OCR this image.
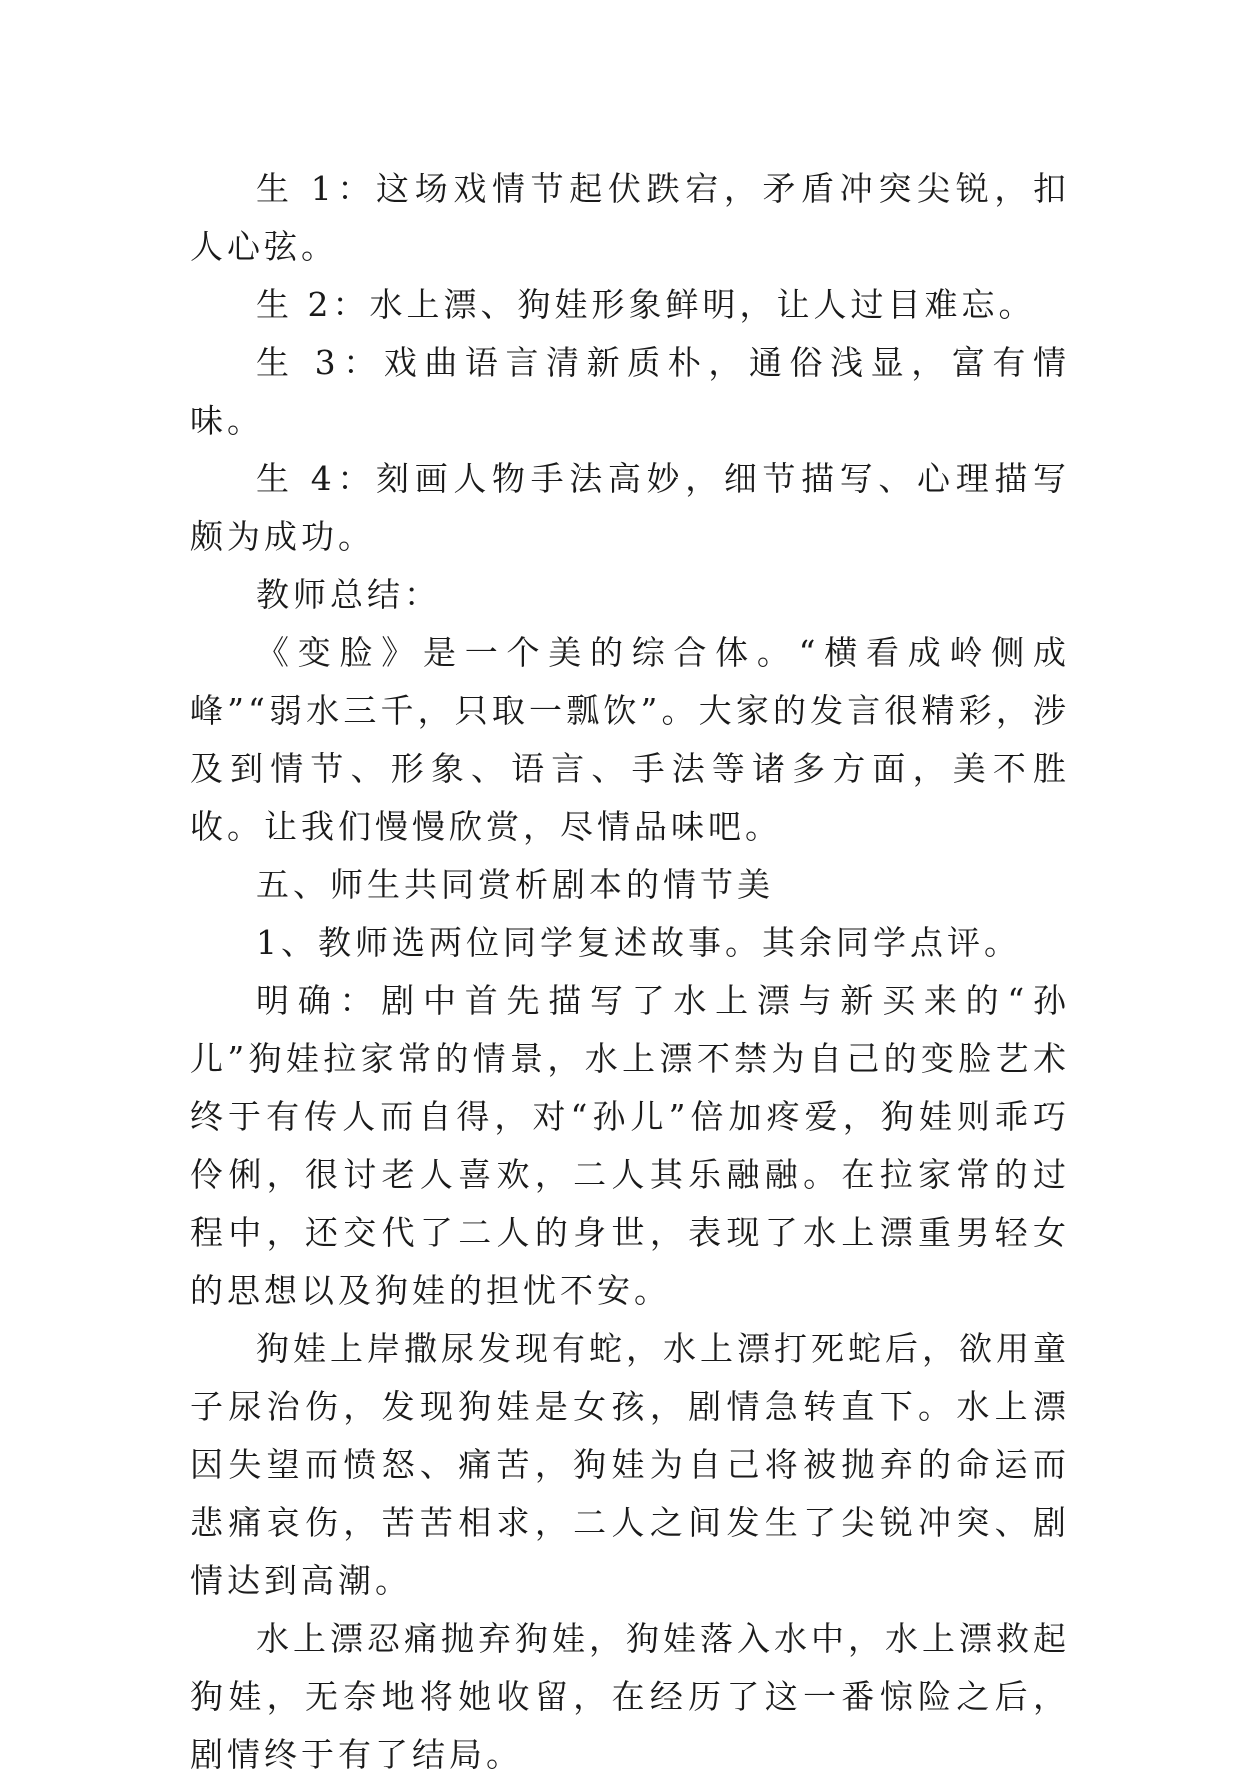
生 1：这场戏情节起伏跌宕，矛盾冲突尖锐，扣人心弦。

生 2：水上漂、狗娃形象鲜明，让人过目难忘。

生 3：戏曲语言清新质朴，通俗浅显，富有情味。

生 4：刻画人物手法高妙，细节描写、心理描写颇为成功。

教师总结：

《变脸》是一个美的综合体。“横看成岭侧成峰”“弱水三千，只取一瓢饮”。大家的发言很精彩，涉及到情节、形象、语言、手法等诸多方面，美不胜收。让我们慢慢欣赏，尽情品味吧。

五、师生共同赏析剧本的情节美

1、教师选两位同学复述故事。其余同学点评。

明确：剧中首先描写了水上漂与新买来的“孙儿”狗娃拉家常的情景，水上漂不禁为自己的变脸艺术终于有传人而自得，对“孙儿”倍加疼爱，狗娃则乖巧伶俐，很讨老人喜欢，二人其乐融融。在拉家常的过程中，还交代了二人的身世，表现了水上漂重男轻女的思想以及狗娃的担忧不安。

狗娃上岸撒尿发现有蛇，水上漂打死蛇后，欲用童子尿治伤，发现狗娃是女孩，剧情急转直下。水上漂因失望而愤怒、痛苦，狗娃为自己将被抛弃的命运而悲痛哀伤，苦苦相求，二人之间发生了尖锐冲突、剧情达到高潮。

水上漂忍痛抛弃狗娃，狗娃落入水中，水上漂救起狗娃，无奈地将她收留，在经历了这一番惊险之后，剧情终于有了结局。
